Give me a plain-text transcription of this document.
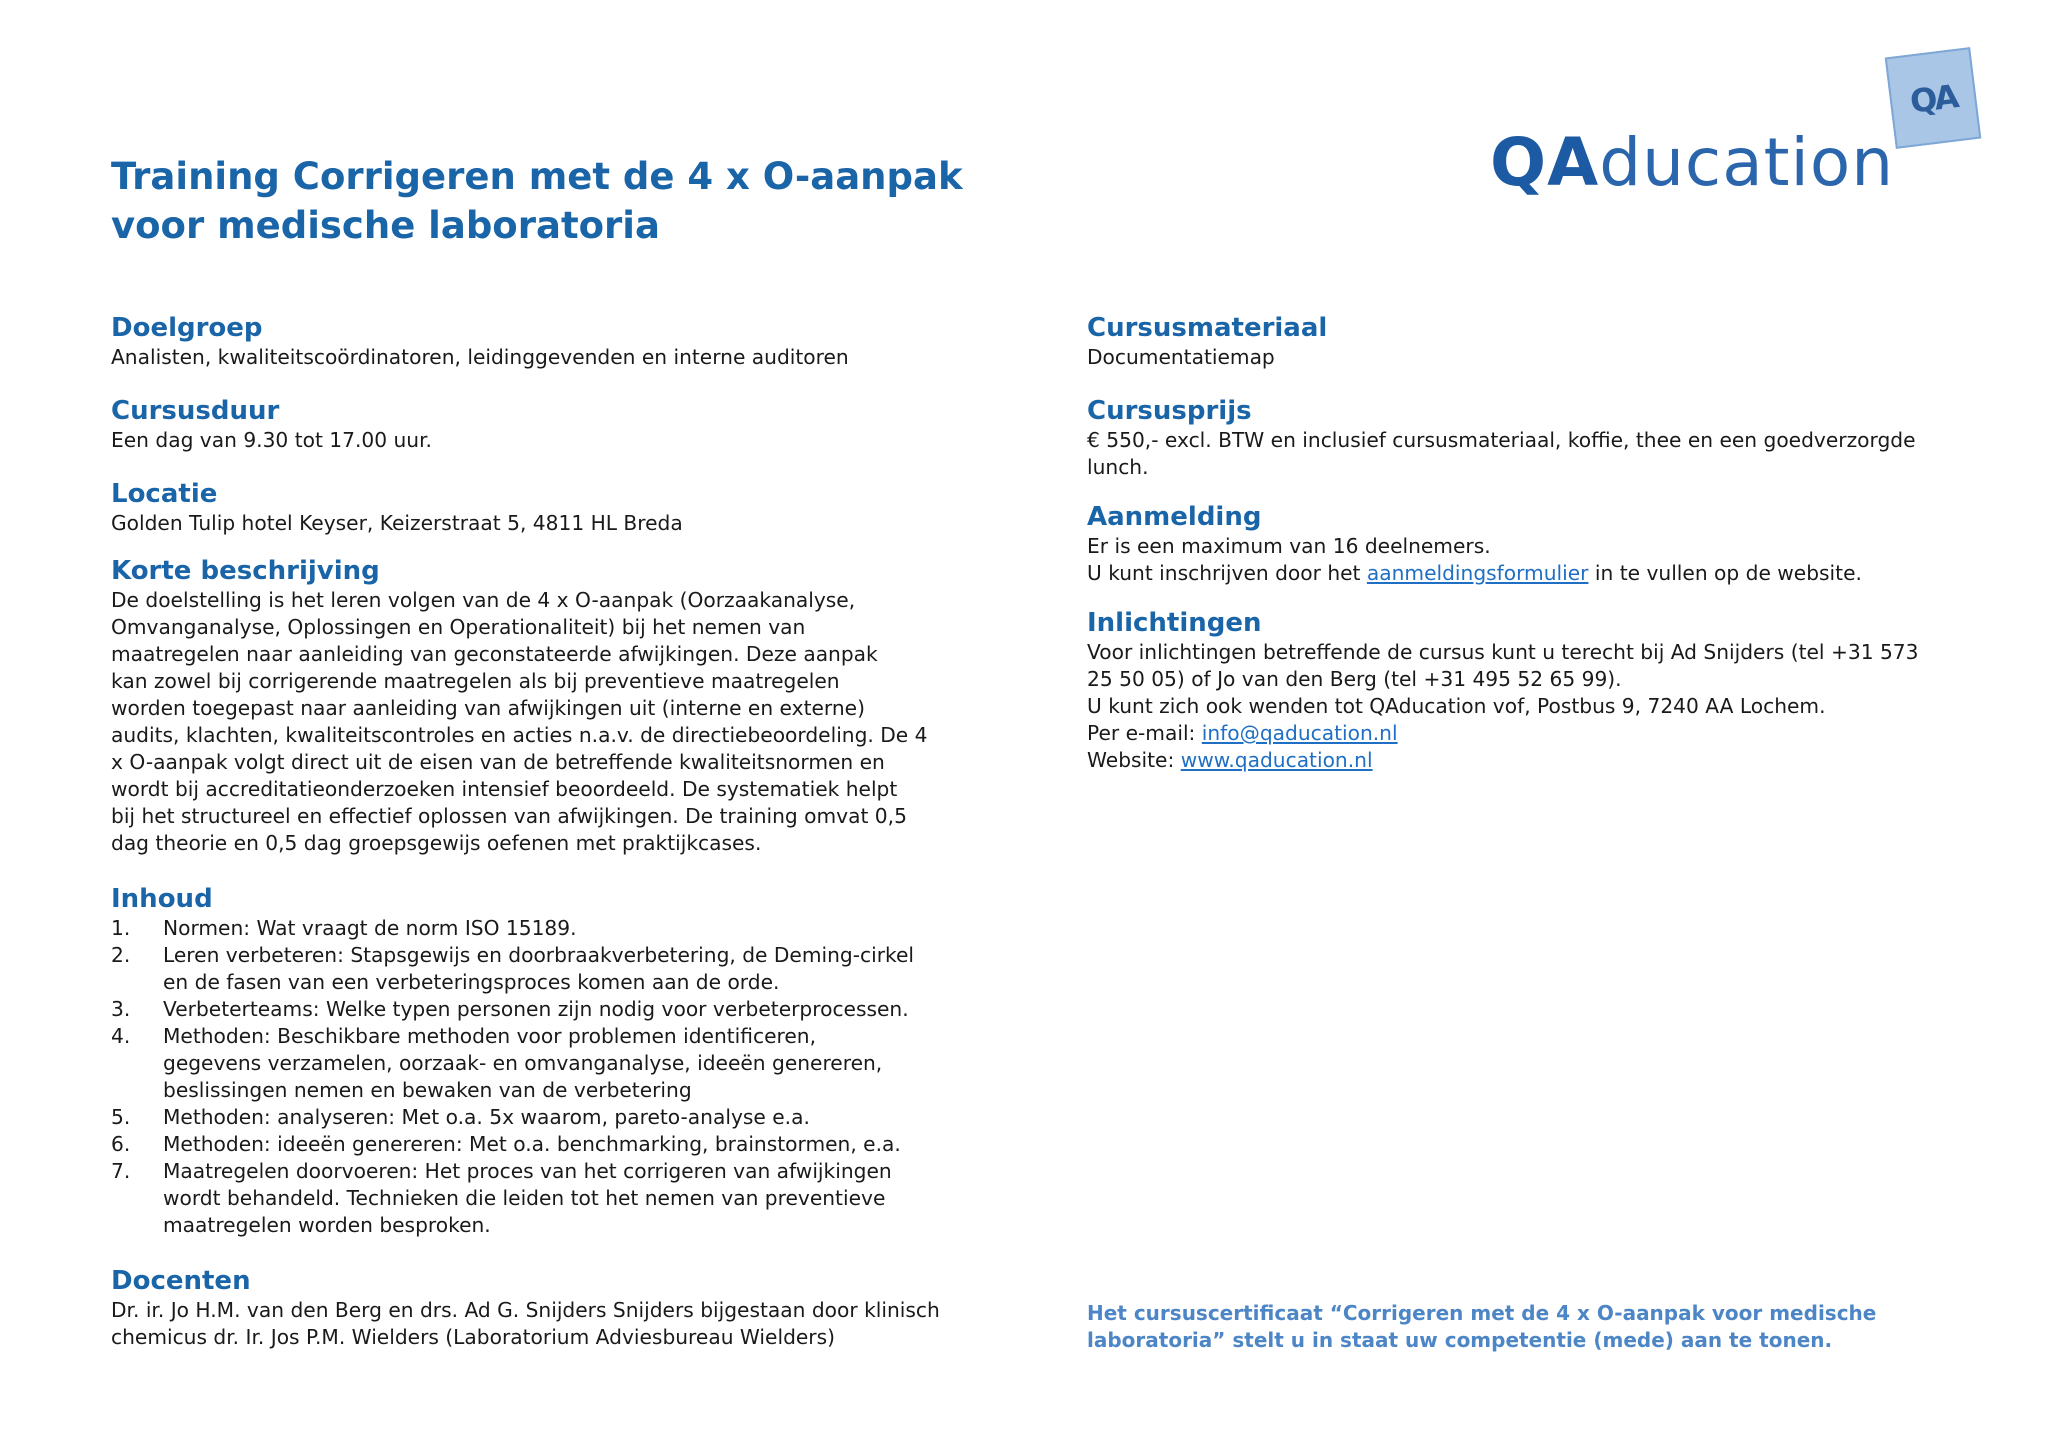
Training Corrigeren met de 4 x O-aanpak
voor medische laboratoria
QA
QAducation
Doelgroep

Analisten, kwaliteitscoördinatoren, leidinggevenden en interne auditoren

Cursusduur

Een dag van 9.30 tot 17.00 uur.

Locatie

Golden Tulip hotel Keyser, Keizerstraat 5, 4811 HL Breda

Korte beschrijving
De doelstelling is het leren volgen van de 4 x O-aanpak (Oorzaakanalyse,
Omvanganalyse, Oplossingen en Operationaliteit) bij het nemen van
maatregelen naar aanleiding van geconstateerde afwijkingen. Deze aanpak
kan zowel bij corrigerende maatregelen als bij preventieve maatregelen
worden toegepast naar aanleiding van afwijkingen uit (interne en externe)
audits, klachten, kwaliteitscontroles en acties n.a.v. de directiebeoordeling. De 4
x O-aanpak volgt direct uit de eisen van de betreffende kwaliteitsnormen en
wordt bij accreditatieonderzoeken intensief beoordeeld. De systematiek helpt
bij het structureel en effectief oplossen van afwijkingen. De training omvat 0,5
dag theorie en 0,5 dag groepsgewijs oefenen met praktijkcases.
Inhoud
1. Normen: Wat vraagt de norm ISO 15189.
2. Leren verbeteren: Stapsgewijs en doorbraakverbetering, de Deming-cirkel
en de fasen van een verbeteringsproces komen aan de orde.
3. Verbeterteams: Welke typen personen zijn nodig voor verbeterprocessen.
4. Methoden: Beschikbare methoden voor problemen identificeren,
gegevens verzamelen, oorzaak- en omvanganalyse, ideeën genereren,
beslissingen nemen en bewaken van de verbetering
5. Methoden: analyseren: Met o.a. 5x waarom, pareto-analyse e.a.
6. Methoden: ideeën genereren: Met o.a. benchmarking, brainstormen, e.a.
7. Maatregelen doorvoeren: Het proces van het corrigeren van afwijkingen
wordt behandeld. Technieken die leiden tot het nemen van preventieve
maatregelen worden besproken.
Docenten
Dr. ir. Jo H.M. van den Berg en drs. Ad G. Snijders Snijders bijgestaan door klinisch
chemicus dr. Ir. Jos P.M. Wielders (Laboratorium Adviesbureau Wielders)
Cursusmateriaal

Documentatiemap

Cursusprijs
€ 550,- excl. BTW en inclusief cursusmateriaal, koffie, thee en een goedverzorgde
lunch.
Aanmelding
Er is een maximum van 16 deelnemers.
U kunt inschrijven door het aanmeldingsformulier in te vullen op de website.
Inlichtingen
Voor inlichtingen betreffende de cursus kunt u terecht bij Ad Snijders (tel +31 573
25 50 05) of Jo van den Berg (tel +31 495 52 65 99).
U kunt zich ook wenden tot QAducation vof, Postbus 9, 7240 AA Lochem.
Per e-mail: info@qaducation.nl
Website: www.qaducation.nl
Het cursuscertificaat “Corrigeren met de 4 x O-aanpak voor medische
laboratoria” stelt u in staat uw competentie (mede) aan te tonen.
